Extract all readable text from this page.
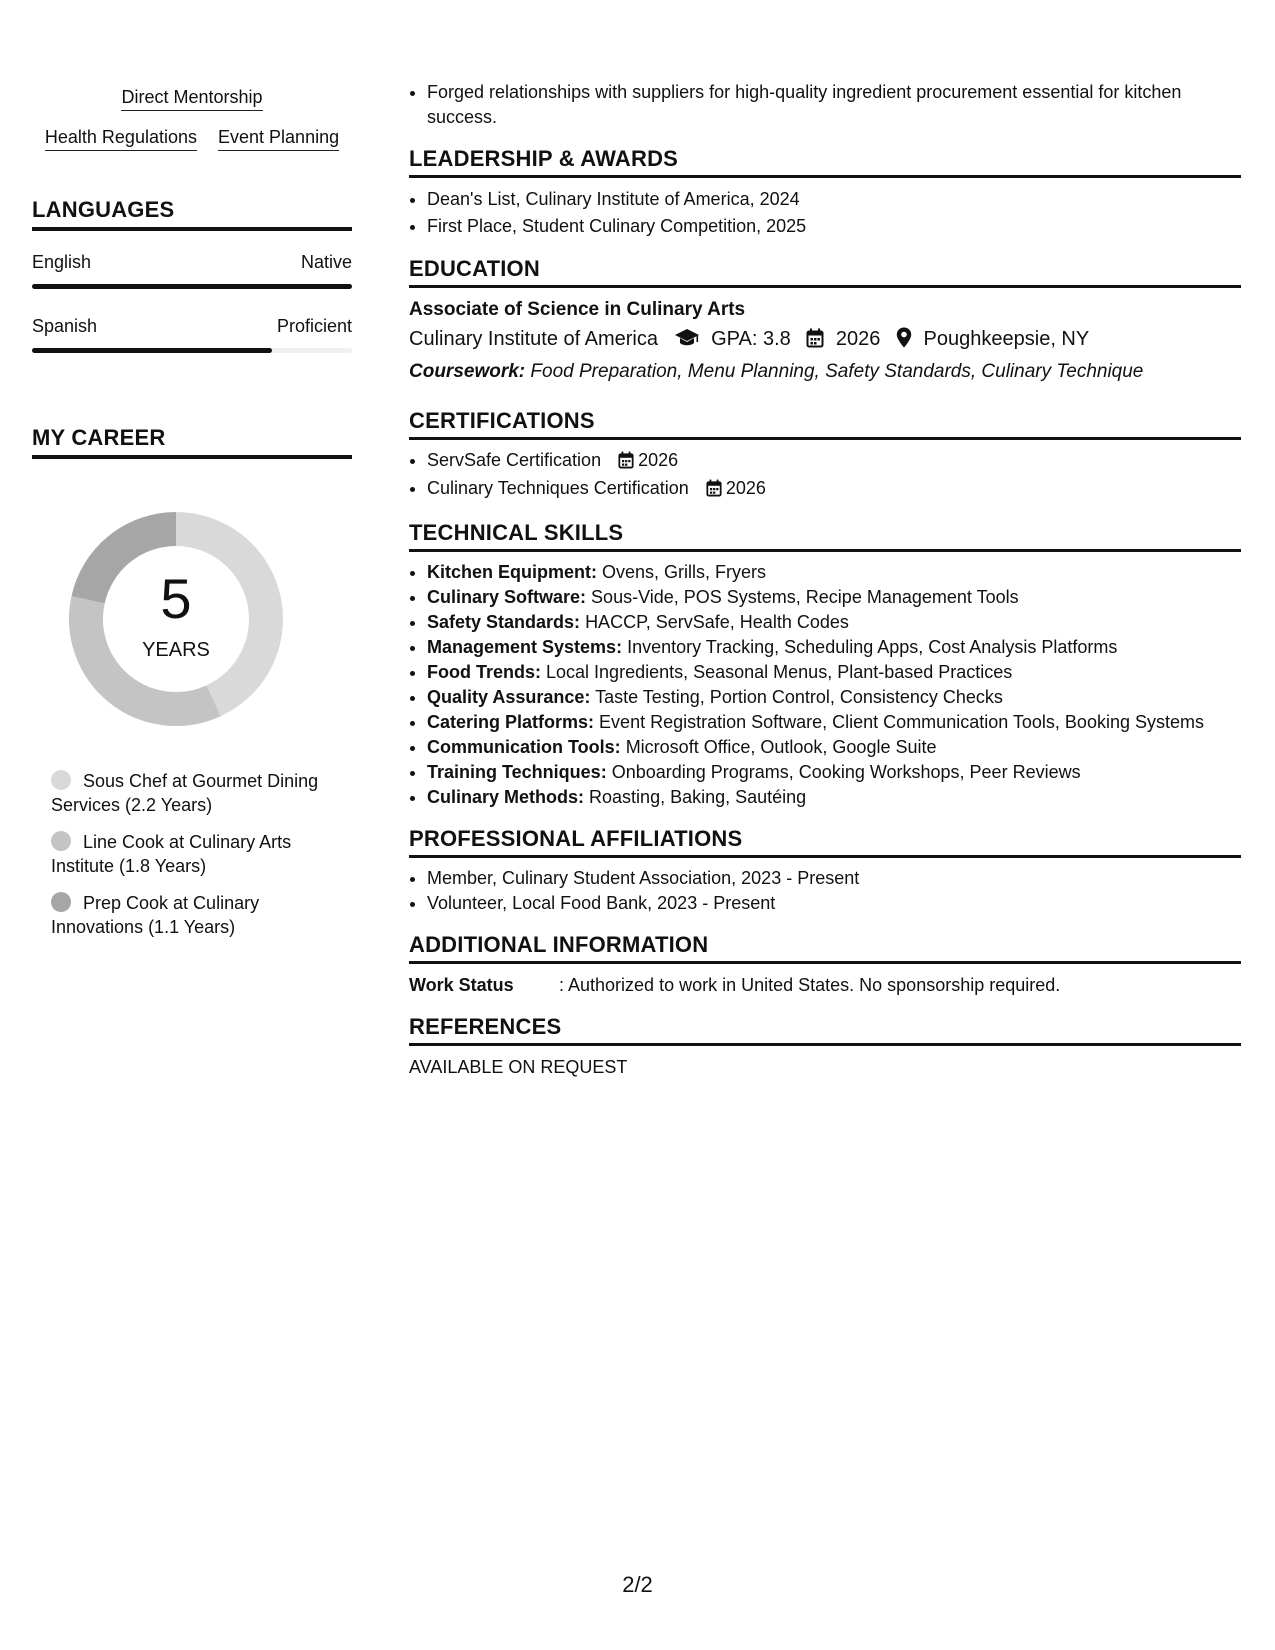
Direct Mentorship
Health Regulations Event Planning
LANGUAGES
English	Native
Spanish	Proficient
MY CAREER
5
YEARS
Sous Chef at Gourmet Dining Services (2.2 Years)
Line Cook at Culinary Arts Institute (1.8 Years)
Prep Cook at Culinary Innovations (1.1 Years)
• Forged relationships with suppliers for high-quality ingredient procurement essential for kitchen success.
LEADERSHIP & AWARDS
• Dean's List, Culinary Institute of America, 2024
• First Place, Student Culinary Competition, 2025
EDUCATION
Associate of Science in Culinary Arts
Culinary Institute of America	GPA: 3.8 2026 Poughkeepsie, NY
Coursework: Food Preparation, Menu Planning, Safety Standards, Culinary Technique
CERTIFICATIONS
• ServSafe Certification 2026
• Culinary Techniques Certification 2026
TECHNICAL SKILLS
• Kitchen Equipment: Ovens, Grills, Fryers
• Culinary Software: Sous-Vide, POS Systems, Recipe Management Tools
• Safety Standards: HACCP, ServSafe, Health Codes
• Management Systems: Inventory Tracking, Scheduling Apps, Cost Analysis Platforms
• Food Trends: Local Ingredients, Seasonal Menus, Plant-based Practices
• Quality Assurance: Taste Testing, Portion Control, Consistency Checks
• Catering Platforms: Event Registration Software, Client Communication Tools, Booking Systems
• Communication Tools: Microsoft Office, Outlook, Google Suite
• Training Techniques: Onboarding Programs, Cooking Workshops, Peer Reviews
• Culinary Methods: Roasting, Baking, Sautéing
PROFESSIONAL AFFILIATIONS
• Member, Culinary Student Association, 2023 - Present
• Volunteer, Local Food Bank, 2023 - Present
ADDITIONAL INFORMATION
Work Status	: Authorized to work in United States. No sponsorship required.
REFERENCES
AVAILABLE ON REQUEST
2/2
